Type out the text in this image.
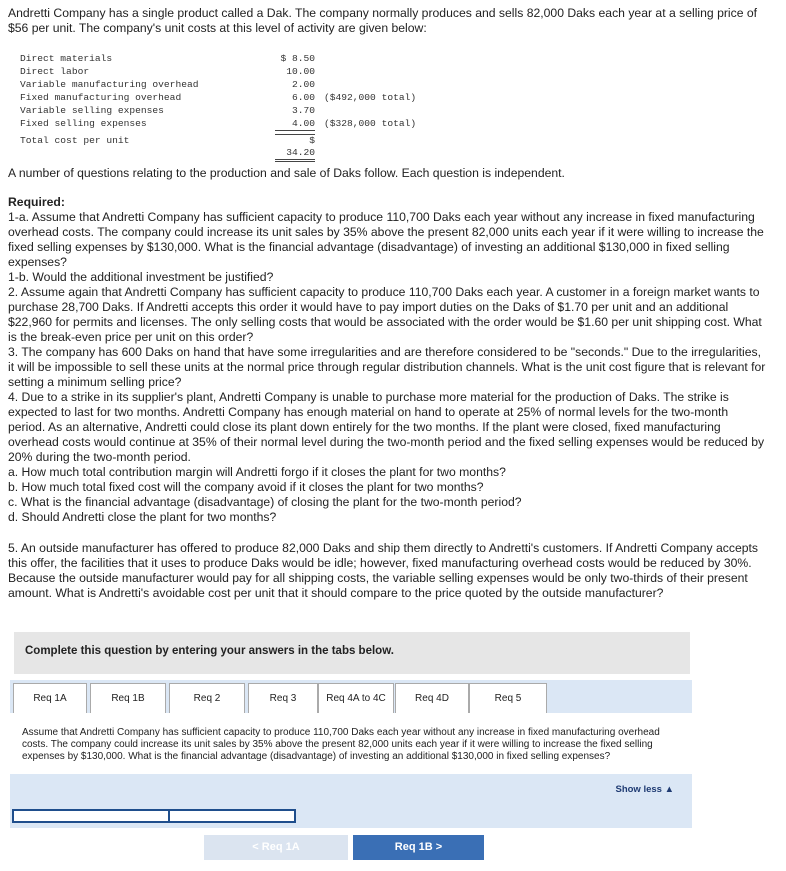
Andretti Company has a single product called a Dak. The company normally produces and sells 82,000 Daks each year at a selling price of $56 per unit. The company's unit costs at this level of activity are given below:
Direct materials	$ 8.50
Direct labor	10.00
Variable manufacturing overhead	2.00
Fixed manufacturing overhead	6.00 ($492,000 total)
Variable selling expenses	3.70
Fixed selling expenses	4.00 ($328,000 total)
Total cost per unit	$ 34.20
A number of questions relating to the production and sale of Daks follow. Each question is independent.
Required:
1-a. Assume that Andretti Company has sufficient capacity to produce 110,700 Daks each year without any increase in fixed manufacturing overhead costs. The company could increase its unit sales by 35% above the present 82,000 units each year if it were willing to increase the fixed selling expenses by $130,000. What is the financial advantage (disadvantage) of investing an additional $130,000 in fixed selling expenses?
1-b. Would the additional investment be justified?
2. Assume again that Andretti Company has sufficient capacity to produce 110,700 Daks each year. A customer in a foreign market wants to purchase 28,700 Daks. If Andretti accepts this order it would have to pay import duties on the Daks of $1.70 per unit and an additional $22,960 for permits and licenses. The only selling costs that would be associated with the order would be $1.60 per unit shipping cost. What is the break-even price per unit on this order?
3. The company has 600 Daks on hand that have some irregularities and are therefore considered to be "seconds." Due to the irregularities, it will be impossible to sell these units at the normal price through regular distribution channels. What is the unit cost figure that is relevant for setting a minimum selling price?
4. Due to a strike in its supplier's plant, Andretti Company is unable to purchase more material for the production of Daks. The strike is expected to last for two months. Andretti Company has enough material on hand to operate at 25% of normal levels for the two-month period. As an alternative, Andretti could close its plant down entirely for the two months. If the plant were closed, fixed manufacturing overhead costs would continue at 35% of their normal level during the two-month period and the fixed selling expenses would be reduced by 20% during the two-month period.
a. How much total contribution margin will Andretti forgo if it closes the plant for two months?
b. How much total fixed cost will the company avoid if it closes the plant for two months?
c. What is the financial advantage (disadvantage) of closing the plant for the two-month period?
d. Should Andretti close the plant for two months?
5. An outside manufacturer has offered to produce 82,000 Daks and ship them directly to Andretti's customers. If Andretti Company accepts this offer, the facilities that it uses to produce Daks would be idle; however, fixed manufacturing overhead costs would be reduced by 30%. Because the outside manufacturer would pay for all shipping costs, the variable selling expenses would be only two-thirds of their present amount. What is Andretti's avoidable cost per unit that it should compare to the price quoted by the outside manufacturer?
Complete this question by entering your answers in the tabs below.
Req 1A	Req 1B	Req 2	Req 3	Req 4A to 4C	Req 4D	Req 5

Assume that Andretti Company has sufficient capacity to produce 110,700 Daks each year without any increase in fixed manufacturing overhead costs. The company could increase its unit sales by 35% above the present 82,000 units each year if it were willing to increase the fixed selling expenses by $130,000. What is the financial advantage (disadvantage) of investing an additional $130,000 in fixed selling expenses?

Show less ▲
< Req 1A	Req 1B >
